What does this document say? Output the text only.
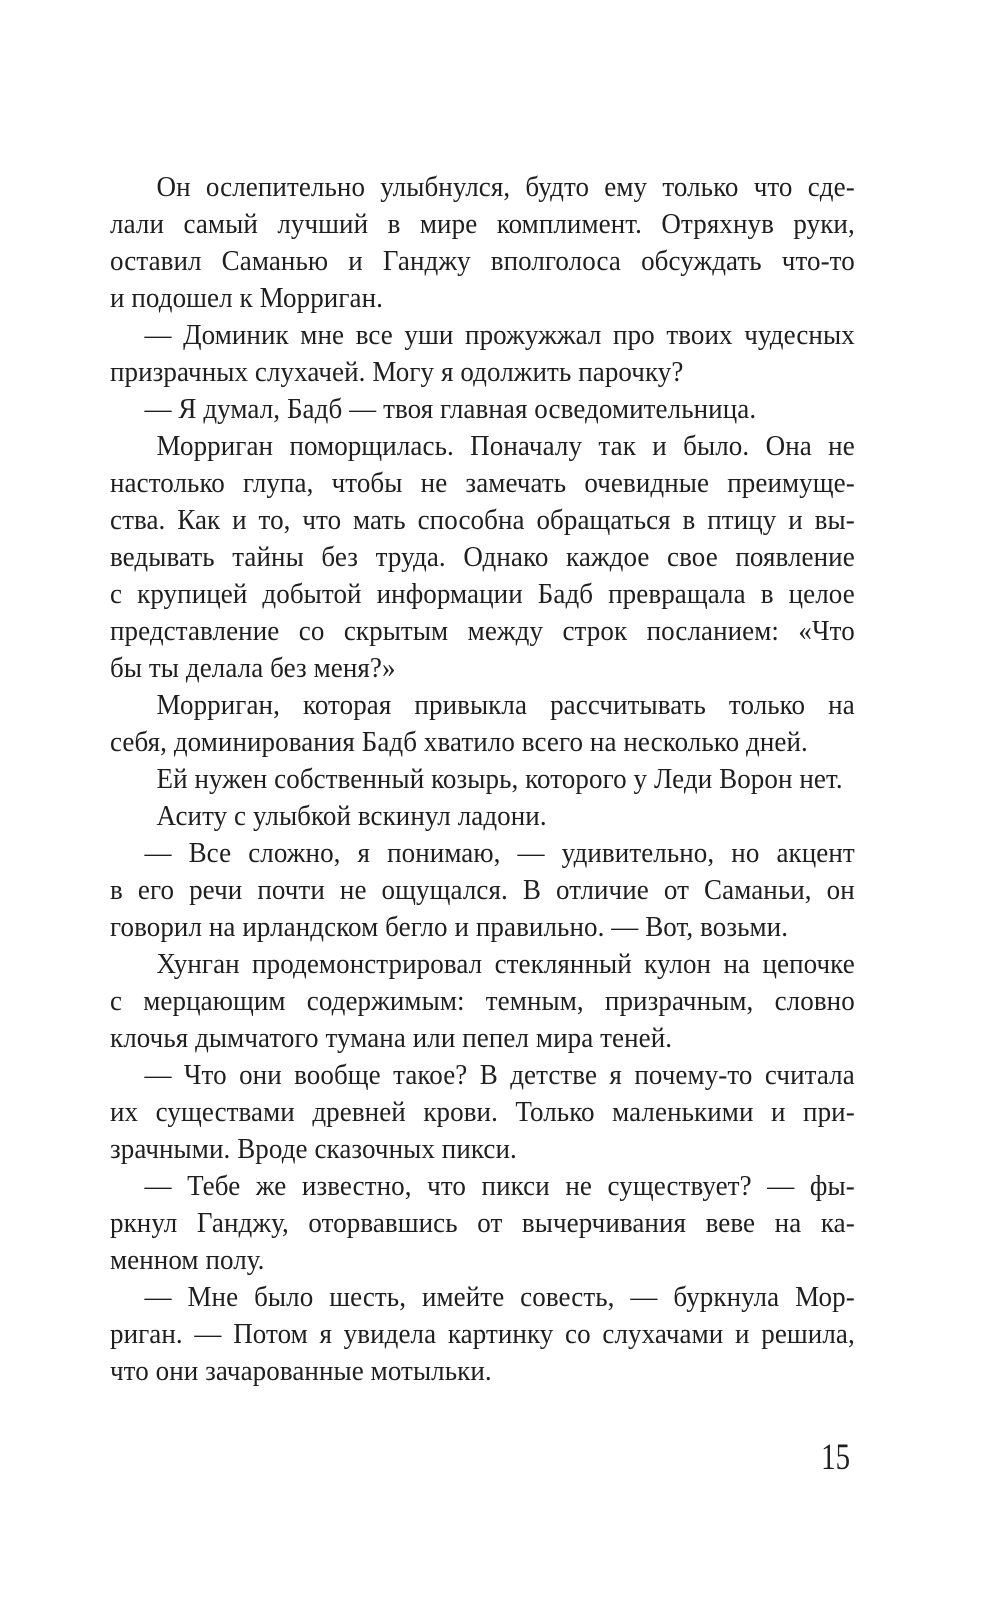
Он ослепительно улыбнулся, будто ему только что сде-
лали самый лучший в мире комплимент. Отряхнув руки,
оставил Саманью и Ганджу вполголоса обсуждать что-то
и подошел к Морриган.
— Доминик мне все уши прожужжал про твоих чудесных
призрачных слухачей. Могу я одолжить парочку?
— Я думал, Бадб — твоя главная осведомительница.
Морриган поморщилась. Поначалу так и было. Она не
настолько глупа, чтобы не замечать очевидные преимуще-
ства. Как и то, что мать способна обращаться в птицу и вы-
ведывать тайны без труда. Однако каждое свое появление
с крупицей добытой информации Бадб превращала в целое
представление со скрытым между строк посланием: «Что
бы ты делала без меня?»
Морриган, которая привыкла рассчитывать только на
себя, доминирования Бадб хватило всего на несколько дней.
Ей нужен собственный козырь, которого у Леди Ворон нет.
Аситу с улыбкой вскинул ладони.
— Все сложно, я понимаю, — удивительно, но акцент
в его речи почти не ощущался. В отличие от Саманьи, он
говорил на ирландском бегло и правильно. — Вот, возьми.
Хунган продемонстрировал стеклянный кулон на цепочке
с мерцающим содержимым: темным, призрачным, словно
клочья дымчатого тумана или пепел мира теней.
— Что они вообще такое? В детстве я почему-то считала
их существами древней крови. Только маленькими и при-
зрачными. Вроде сказочных пикси.
— Тебе же известно, что пикси не существует? — фы-
ркнул Ганджу, оторвавшись от вычерчивания веве на ка-
менном полу.
— Мне было шесть, имейте совесть, — буркнула Мор-
риган. — Потом я увидела картинку со слухачами и решила,
что они зачарованные мотыльки.
15
